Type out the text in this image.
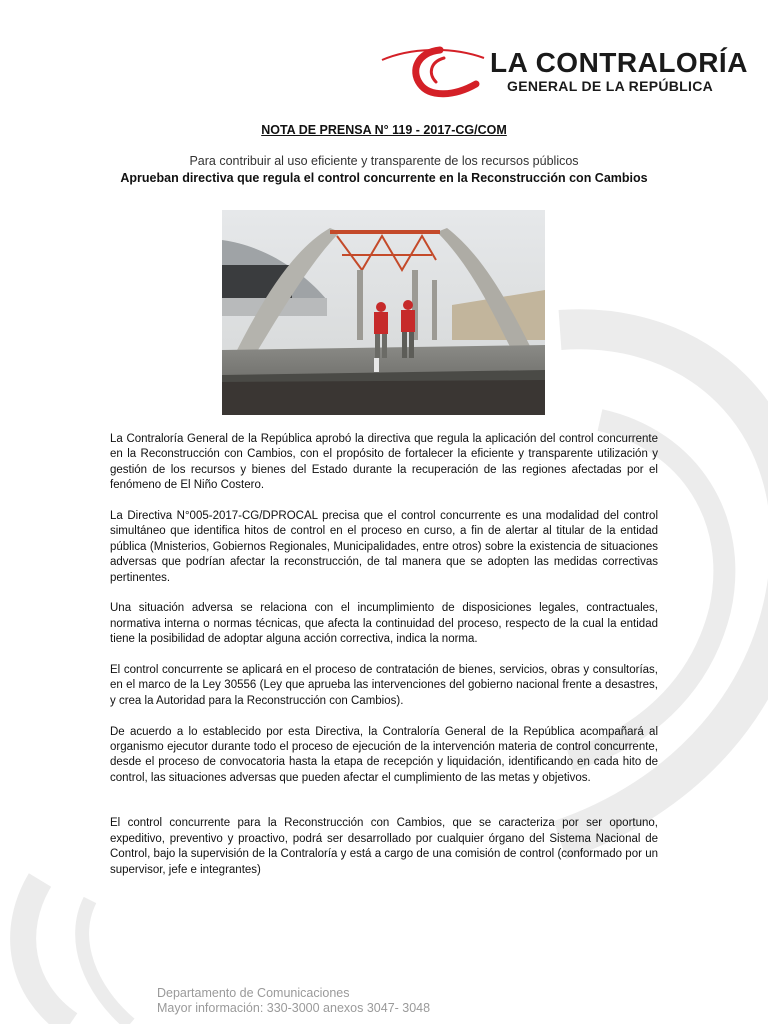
LA CONTRALORÍA

GENERAL DE LA REPÚBLICA

NOTA DE PRENSA N° 119 - 2017-CG/COM
Para contribuir al uso eficiente y transparente de los recursos públicos
Aprueban directiva que regula el control concurrente en la Reconstrucción con Cambios

La Contraloría General de la República aprobó la directiva que regula la aplicación del control concurrente en la Reconstrucción con Cambios, con el propósito de fortalecer la eficiente y transparente utilización y gestión de los recursos y bienes del Estado durante la recuperación de las regiones afectadas por el fenómeno de El Niño Costero.

La Directiva N°005-2017-CG/DPROCAL precisa que el control concurrente es una modalidad del control simultáneo que identifica hitos de control en el proceso en curso, a fin de alertar al titular de la entidad pública (Mnisterios, Gobiernos Regionales, Municipalidades, entre otros) sobre la existencia de situaciones adversas que podrían afectar la reconstrucción, de tal manera que se adopten las medidas correctivas pertinentes.

Una situación adversa se relaciona con el incumplimiento de disposiciones legales, contractuales, normativa interna o normas técnicas, que afecta la continuidad del proceso, respecto de la cual la entidad tiene la posibilidad de adoptar alguna acción correctiva, indica la norma.

El control concurrente se aplicará en el proceso de contratación de bienes, servicios, obras y consultorías, en el marco de la Ley 30556 (Ley que aprueba las intervenciones del gobierno nacional frente a desastres, y crea la Autoridad para la Reconstrucción con Cambios).

De acuerdo a lo establecido por esta Directiva, la Contraloría General de la República acompañará al organismo ejecutor durante todo el proceso de ejecución de la intervención materia de control concurrente, desde el proceso de convocatoria hasta la etapa de recepción y liquidación, identificando en cada hito de control, las situaciones adversas que pueden afectar el cumplimiento de las metas y objetivos.

El control concurrente para la Reconstrucción con Cambios, que se caracteriza por ser oportuno, expeditivo, preventivo y proactivo, podrá ser desarrollado por cualquier órgano del Sistema Nacional de Control, bajo la supervisión de la Contraloría y está a cargo de una comisión de control (conformado por un supervisor, jefe e integrantes)

Departamento de Comunicaciones
Mayor información: 330-3000 anexos 3047- 3048
